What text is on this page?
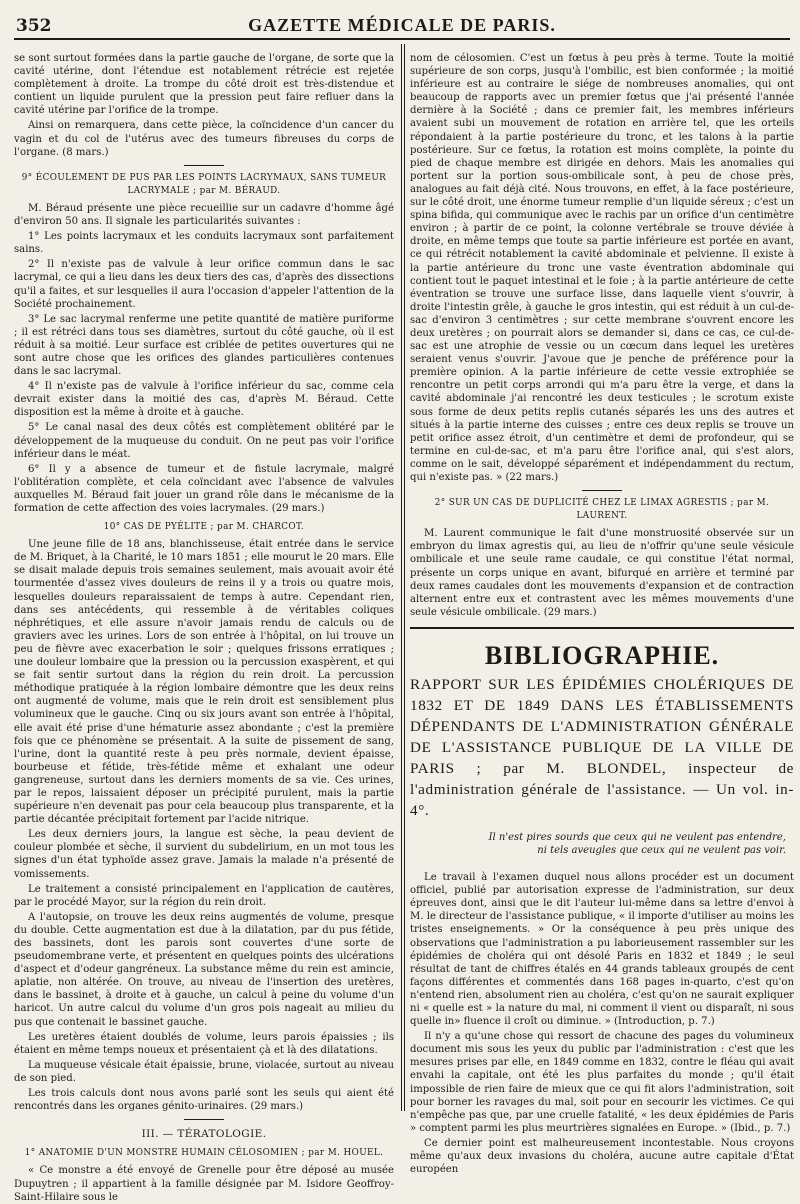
352	GAZETTE MÉDICALE DE PARIS.

se sont surtout formées dans la partie gauche de l'organe, de sorte que la cavité utérine, dont l'étendue est notablement rétrécie est rejetée complètement à droite. La trompe du côté droit est très-distendue et contient un liquide purulent que la pression peut faire refluer dans la cavité utérine par l'orifice de la trompe.

Ainsi on remarquera, dans cette pièce, la coïncidence d'un cancer du vagin et du col de l'utérus avec des tumeurs fibreuses du corps de l'organe. (8 mars.)

9° ÉCOULEMENT DE PUS PAR LES POINTS LACRYMAUX, SANS TUMEUR LACRYMALE ; par M. BÉRAUD.

M. Béraud présente une pièce recueillie sur un cadavre d'homme âgé d'environ 50 ans. Il signale les particularités suivantes :

1° Les points lacrymaux et les conduits lacrymaux sont parfaitement sains.

2° Il n'existe pas de valvule à leur orifice commun dans le sac lacrymal, ce qui a lieu dans les deux tiers des cas, d'après des dissections qu'il a faites, et sur lesquelles il aura l'occasion d'appeler l'attention de la Société prochainement.

3° Le sac lacrymal renferme une petite quantité de matière puriforme ; il est rétréci dans tous ses diamètres, surtout du côté gauche, où il est réduit à sa moitié. Leur surface est criblée de petites ouvertures qui ne sont autre chose que les orifices des glandes particulières contenues dans le sac lacrymal.

4° Il n'existe pas de valvule à l'orifice inférieur du sac, comme cela devrait exister dans la moitié des cas, d'après M. Béraud. Cette disposition est la même à droite et à gauche.

5° Le canal nasal des deux côtés est complètement oblitéré par le développement de la muqueuse du conduit. On ne peut pas voir l'orifice inférieur dans le méat.

6° Il y a absence de tumeur et de fistule lacrymale, malgré l'oblitération complète, et cela coïncidant avec l'absence de valvules auxquelles M. Béraud fait jouer un grand rôle dans le mécanisme de la formation de cette affection des voies lacrymales. (29 mars.)

10° CAS DE PYÉLITE ; par M. CHARCOT.

Une jeune fille de 18 ans, blanchisseuse, était entrée dans le service de M. Briquet, à la Charité, le 10 mars 1851 ; elle mourut le 20 mars. Elle se disait malade depuis trois semaines seulement, mais avouait avoir été tourmentée d'assez vives douleurs de reins il y a trois ou quatre mois, lesquelles douleurs reparaissaient de temps à autre. Cependant rien, dans ses antécédents, qui ressemble à de véritables coliques néphrétiques, et elle assure n'avoir jamais rendu de calculs ou de graviers avec les urines. Lors de son entrée à l'hôpital, on lui trouve un peu de fièvre avec exacerbation le soir ; quelques frissons erratiques ; une douleur lombaire que la pression ou la percussion exaspèrent, et qui se fait sentir surtout dans la région du rein droit. La percussion méthodique pratiquée à la région lombaire démontre que les deux reins ont augmenté de volume, mais que le rein droit est sensiblement plus volumineux que le gauche. Cinq ou six jours avant son entrée à l'hôpital, elle avait été prise d'une hématurie assez abondante ; c'est la première fois que ce phénomène se présentait. A la suite de pissement de sang, l'urine, dont la quantité reste à peu près normale, devient épaisse, bourbeuse et fétide, très-fétide même et exhalant une odeur gangreneuse, surtout dans les derniers moments de sa vie. Ces urines, par le repos, laissaient déposer un précipité purulent, mais la partie supérieure n'en devenait pas pour cela beaucoup plus transparente, et la partie décantée précipitait fortement par l'acide nitrique.

Les deux derniers jours, la langue est sèche, la peau devient de couleur plombée et sèche, il survient du subdelirium, en un mot tous les signes d'un état typhoïde assez grave. Jamais la malade n'a présenté de vomissements.

Le traitement a consisté principalement en l'application de cautères, par le procédé Mayor, sur la région du rein droit.

A l'autopsie, on trouve les deux reins augmentés de volume, presque du double. Cette augmentation est due à la dilatation, par du pus fétide, des bassinets, dont les parois sont couvertes d'une sorte de pseudomembrane verte, et présentent en quelques points des ulcérations d'aspect et d'odeur gangréneux. La substance même du rein est amincie, aplatie, non altérée. On trouve, au niveau de l'insertion des uretères, dans le bassinet, à droite et à gauche, un calcul à peine du volume d'un haricot. Un autre calcul du volume d'un gros pois nageait au milieu du pus que contenait le bassinet gauche.

Les uretères étaient doublés de volume, leurs parois épaissies ; ils étaient en même temps noueux et présentaient çà et là des dilatations.

La muqueuse vésicale était épaissie, brune, violacée, surtout au niveau de son pied.

Les trois calculs dont nous avons parlé sont les seuls qui aient été rencontrés dans les organes génito-urinaires. (29 mars.)

III. — TÉRATOLOGIE.
1° ANATOMIE D'UN MONSTRE HUMAIN CÉLOSOMIEN ; par M. HOUEL.

« Ce monstre a été envoyé de Grenelle pour être déposé au musée Dupuytren ; il appartient à la famille désignée par M. Isidore Geoffroy-Saint-Hilaire sous le

nom de célosomien. C'est un fœtus à peu près à terme. Toute la moitié supérieure de son corps, jusqu'à l'ombilic, est bien conformée ; la moitié inférieure est au contraire le siége de nombreuses anomalies, qui ont beaucoup de rapports avec un premier fœtus que j'ai présenté l'année dernière à la Société ; dans ce premier fait, les membres inférieurs avaient subi un mouvement de rotation en arrière tel, que les orteils répondaient à la partie postérieure du tronc, et les talons à la partie postérieure. Sur ce fœtus, la rotation est moins complète, la pointe du pied de chaque membre est dirigée en dehors. Mais les anomalies qui portent sur la portion sous-ombilicale sont, à peu de chose près, analogues au fait déjà cité. Nous trouvons, en effet, à la face postérieure, sur le côté droit, une énorme tumeur remplie d'un liquide séreux ; c'est un spina bifida, qui communique avec le rachis par un orifice d'un centimètre environ ; à partir de ce point, la colonne vertébrale se trouve déviée à droite, en même temps que toute sa partie inférieure est portée en avant, ce qui rétrécit notablement la cavité abdominale et pelvienne. Il existe à la partie antérieure du tronc une vaste éventration abdominale qui contient tout le paquet intestinal et le foie ; à la partie antérieure de cette éventration se trouve une surface lisse, dans laquelle vient s'ouvrir, à droite l'intestin grêle, à gauche le gros intestin, qui est réduit à un cul-de-sac d'environ 3 centimètres ; sur cette membrane s'ouvrent encore les deux uretères ; on pourrait alors se demander si, dans ce cas, ce cul-de-sac est une atrophie de vessie ou un cœcum dans lequel les uretères seraient venus s'ouvrir. J'avoue que je penche de préférence pour la première opinion. A la partie inférieure de cette vessie extrophiée se rencontre un petit corps arrondi qui m'a paru être la verge, et dans la cavité abdominale j'ai rencontré les deux testicules ; le scrotum existe sous forme de deux petits replis cutanés séparés les uns des autres et situés à la partie interne des cuisses ; entre ces deux replis se trouve un petit orifice assez étroit, d'un centimètre et demi de profondeur, qui se termine en cul-de-sac, et m'a paru être l'orifice anal, qui s'est alors, comme on le sait, développé séparément et indépendamment du rectum, qui n'existe pas. » (22 mars.)

2° SUR UN CAS DE DUPLICITÉ CHEZ LE LIMAX AGRESTIS ; par M. LAURENT.

M. Laurent communique le fait d'une monstruosité observée sur un embryon du limax agrestis qui, au lieu de n'offrir qu'une seule vésicule ombilicale et une seule rame caudale, ce qui constitue l'état normal, présente un corps unique en avant, bifurqué en arrière et terminé par deux rames caudales dont les mouvements d'expansion et de contraction alternent entre eux et contrastent avec les mêmes mouvements d'une seule vésicule ombilicale. (29 mars.)

BIBLIOGRAPHIE.
RAPPORT SUR LES ÉPIDÉMIES CHOLÉRIQUES DE 1832 ET DE 1849 DANS LES ÉTABLISSEMENTS DÉPENDANTS DE L'ADMINISTRATION GÉNÉRALE DE L'ASSISTANCE PUBLIQUE DE LA VILLE DE PARIS ; par M. BLONDEL, inspecteur de l'administration générale de l'assistance. — Un vol. in-4°.
Il n'est pires sourds que ceux qui ne veulent pas entendre,
ni tels aveugles que ceux qui ne veulent pas voir.

Le travail à l'examen duquel nous allons procéder est un document officiel, publié par autorisation expresse de l'administration, sur deux épreuves dont, ainsi que le dit l'auteur lui-même dans sa lettre d'envoi à M. le directeur de l'assistance publique, « il importe d'utiliser au moins les tristes enseignements. » Or la conséquence à peu près unique des observations que l'administration a pu laborieusement rassembler sur les épidémies de choléra qui ont désolé Paris en 1832 et 1849 ; le seul résultat de tant de chiffres étalés en 44 grands tableaux groupés de cent façons différentes et commentés dans 168 pages in-quarto, c'est qu'on n'entend rien, absolument rien au choléra, c'est qu'on ne saurait expliquer ni « quelle est » la nature du mal, ni comment il vient ou disparaît, ni sous quelle in» fluence il croît ou diminue. » (Introduction, p. 7.)

Il n'y a qu'une chose qui ressort de chacune des pages du volumineux document mis sous les yeux du public par l'administration : c'est que les mesures prises par elle, en 1849 comme en 1832, contre le fléau qui avait envahi la capitale, ont été les plus parfaites du monde ; qu'il était impossible de rien faire de mieux que ce qui fit alors l'administration, soit pour borner les ravages du mal, soit pour en secourir les victimes. Ce qui n'empêche pas que, par une cruelle fatalité, « les deux épidémies de Paris » comptent parmi les plus meurtrières signalées en Europe. » (Ibid., p. 7.)

Ce dernier point est malheureusement incontestable. Nous croyons même qu'aux deux invasions du choléra, aucune autre capitale d'État européen
